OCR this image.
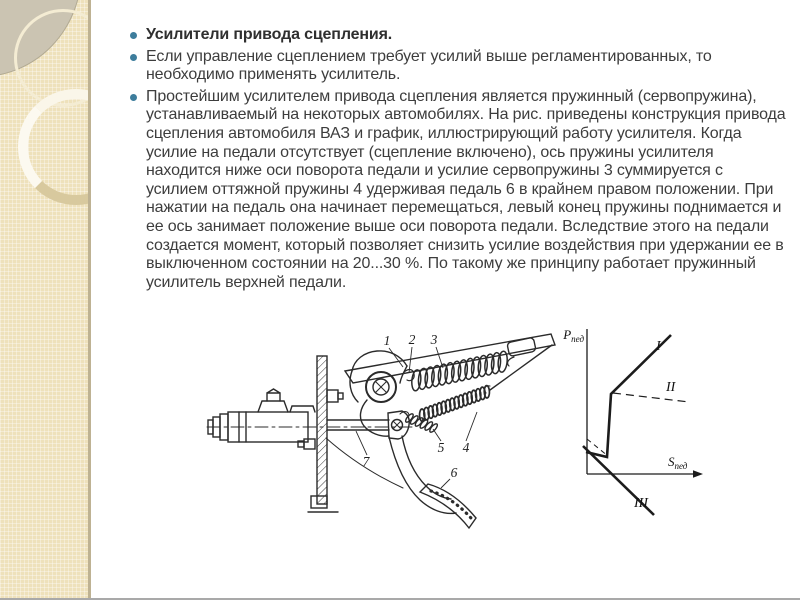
Усилители привода сцепления.
Если управление сцеплением требует усилий выше регламентированных, то необходимо применять усилитель.
Простейшим усилителем привода сцепления является пружинный (сервопружина), устанавливаемый на некоторых автомобилях. На рис. приведены конструкция привода сцепления автомобиля ВАЗ и график, иллюстрирующий работу усилителя. Когда усилие на педали отсутствует (сцепление включено), ось пружины усилителя находится ниже оси поворота педали и усилие сервопружины 3 суммируется с усилием оттяжной пружины 4 удерживая педаль 6 в крайнем правом положении. При нажатии на педаль она начинает перемещаться, левый конец пружины поднимается и ее ось занимает положение выше оси поворота педали. Вследствие этого на педали создается момент, который позволяет снизить усилие воздействия при удержании ее в выключенном состоянии на 20...30 %. По такому же принципу работает пружинный усилитель верхней педали.
1 2 3
4
5
6
7
$Р_{пед}$
$S_{пед}$
I
II
III
